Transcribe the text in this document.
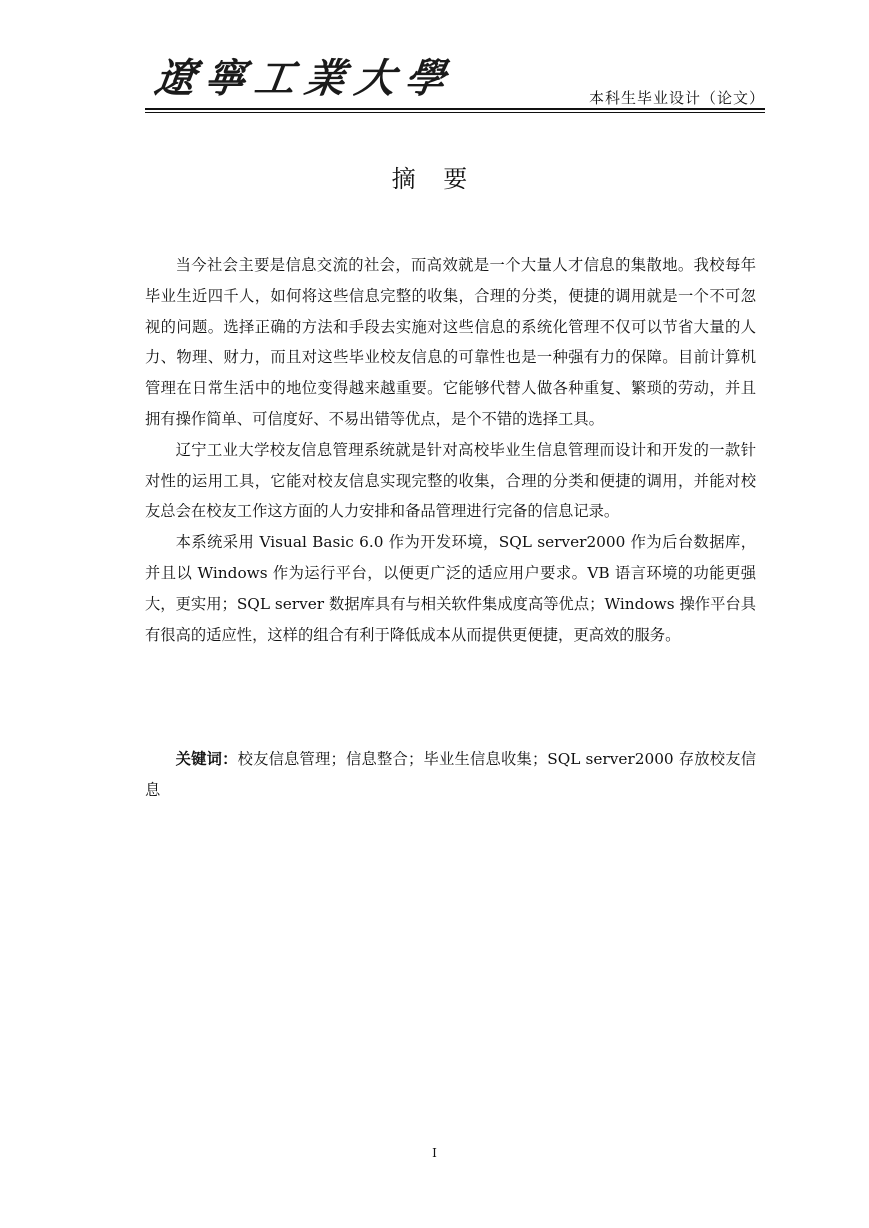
遼寧工業大學	本科生毕业设计（论文）
摘 要

当今社会主要是信息交流的社会，而高效就是一个大量人才信息的集散地。我校每年毕业生近四千人，如何将这些信息完整的收集，合理的分类，便捷的调用就是一个不可忽视的问题。选择正确的方法和手段去实施对这些信息的系统化管理不仅可以节省大量的人力、物理、财力，而且对这些毕业校友信息的可靠性也是一种强有力的保障。目前计算机管理在日常生活中的地位变得越来越重要。它能够代替人做各种重复、繁琐的劳动，并且拥有操作简单、可信度好、不易出错等优点，是个不错的选择工具。

辽宁工业大学校友信息管理系统就是针对高校毕业生信息管理而设计和开发的一款针对性的运用工具，它能对校友信息实现完整的收集，合理的分类和便捷的调用，并能对校友总会在校友工作这方面的人力安排和备品管理进行完备的信息记录。

本系统采用 Visual Basic 6.0 作为开发环境，SQL server2000 作为后台数据库，并且以 Windows 作为运行平台，以便更广泛的适应用户要求。VB 语言环境的功能更强大，更实用；SQL server 数据库具有与相关软件集成度高等优点；Windows 操作平台具有很高的适应性，这样的组合有利于降低成本从而提供更便捷，更高效的服务。

关键词：校友信息管理；信息整合；毕业生信息收集；SQL server2000 存放校友信息
I
